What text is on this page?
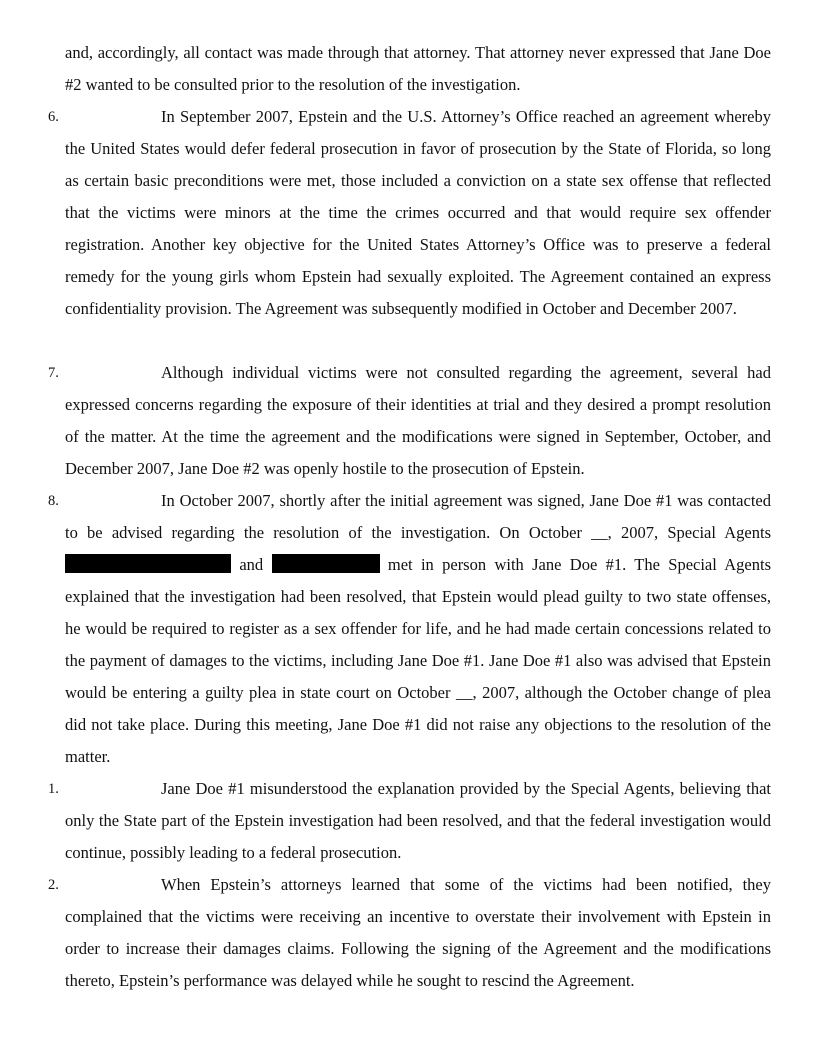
and, accordingly, all contact was made through that attorney. That attorney never expressed that Jane Doe #2 wanted to be consulted prior to the resolution of the investigation.

6.	In September 2007, Epstein and the U.S. Attorney’s Office reached an agreement whereby the United States would defer federal prosecution in favor of prosecution by the State of Florida, so long as certain basic preconditions were met, those included a conviction on a state sex offense that reflected that the victims were minors at the time the crimes occurred and that would require sex offender registration. Another key objective for the United States Attorney’s Office was to preserve a federal remedy for the young girls whom Epstein had sexually exploited. The Agreement contained an express confidentiality provision. The Agreement was subsequently modified in October and December 2007.

7.	Although individual victims were not consulted regarding the agreement, several had expressed concerns regarding the exposure of their identities at trial and they desired a prompt resolution of the matter. At the time the agreement and the modifications were signed in September, October, and December 2007, Jane Doe #2 was openly hostile to the prosecution of Epstein.

8.	In October 2007, shortly after the initial agreement was signed, Jane Doe #1 was contacted to be advised regarding the resolution of the investigation. On October __, 2007, Special Agents  and	met in person with Jane Doe #1. The Special Agents explained that the investigation had been resolved, that Epstein would plead guilty to two state offenses, he would be required to register as a sex offender for life, and he had made certain concessions related to the payment of damages to the victims, including Jane Doe #1. Jane Doe #1 also was advised that Epstein would be entering a guilty plea in state court on October __, 2007, although the October change of plea did not take place. During this meeting, Jane Doe #1 did not raise any objections to the resolution of the matter.

1.	Jane Doe #1 misunderstood the explanation provided by the Special Agents, believing that only the State part of the Epstein investigation had been resolved, and that the federal investigation would continue, possibly leading to a federal prosecution.

2.	When Epstein’s attorneys learned that some of the victims had been notified, they complained that the victims were receiving an incentive to overstate their involvement with Epstein in order to increase their damages claims. Following the signing of the Agreement and the modifications thereto, Epstein’s performance was delayed while he sought to rescind the Agreement.
